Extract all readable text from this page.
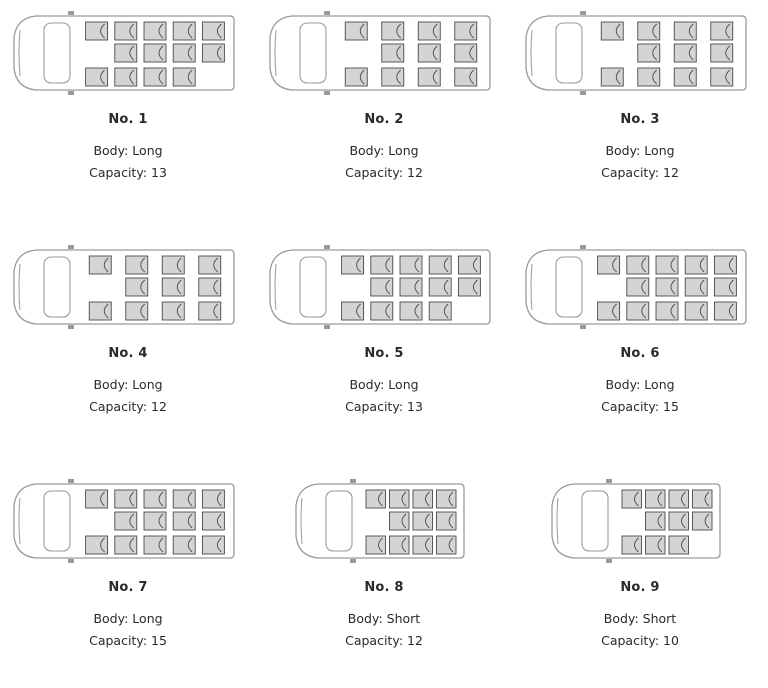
No. 1
Body: Long
Capacity: 13
No. 2
Body: Long
Capacity: 12
No. 3
Body: Long
Capacity: 12
No. 4
Body: Long
Capacity: 12
No. 5
Body: Long
Capacity: 13
No. 6
Body: Long
Capacity: 15
No. 7
Body: Long
Capacity: 15
No. 8
Body: Short
Capacity: 12
No. 9
Body: Short
Capacity: 10
